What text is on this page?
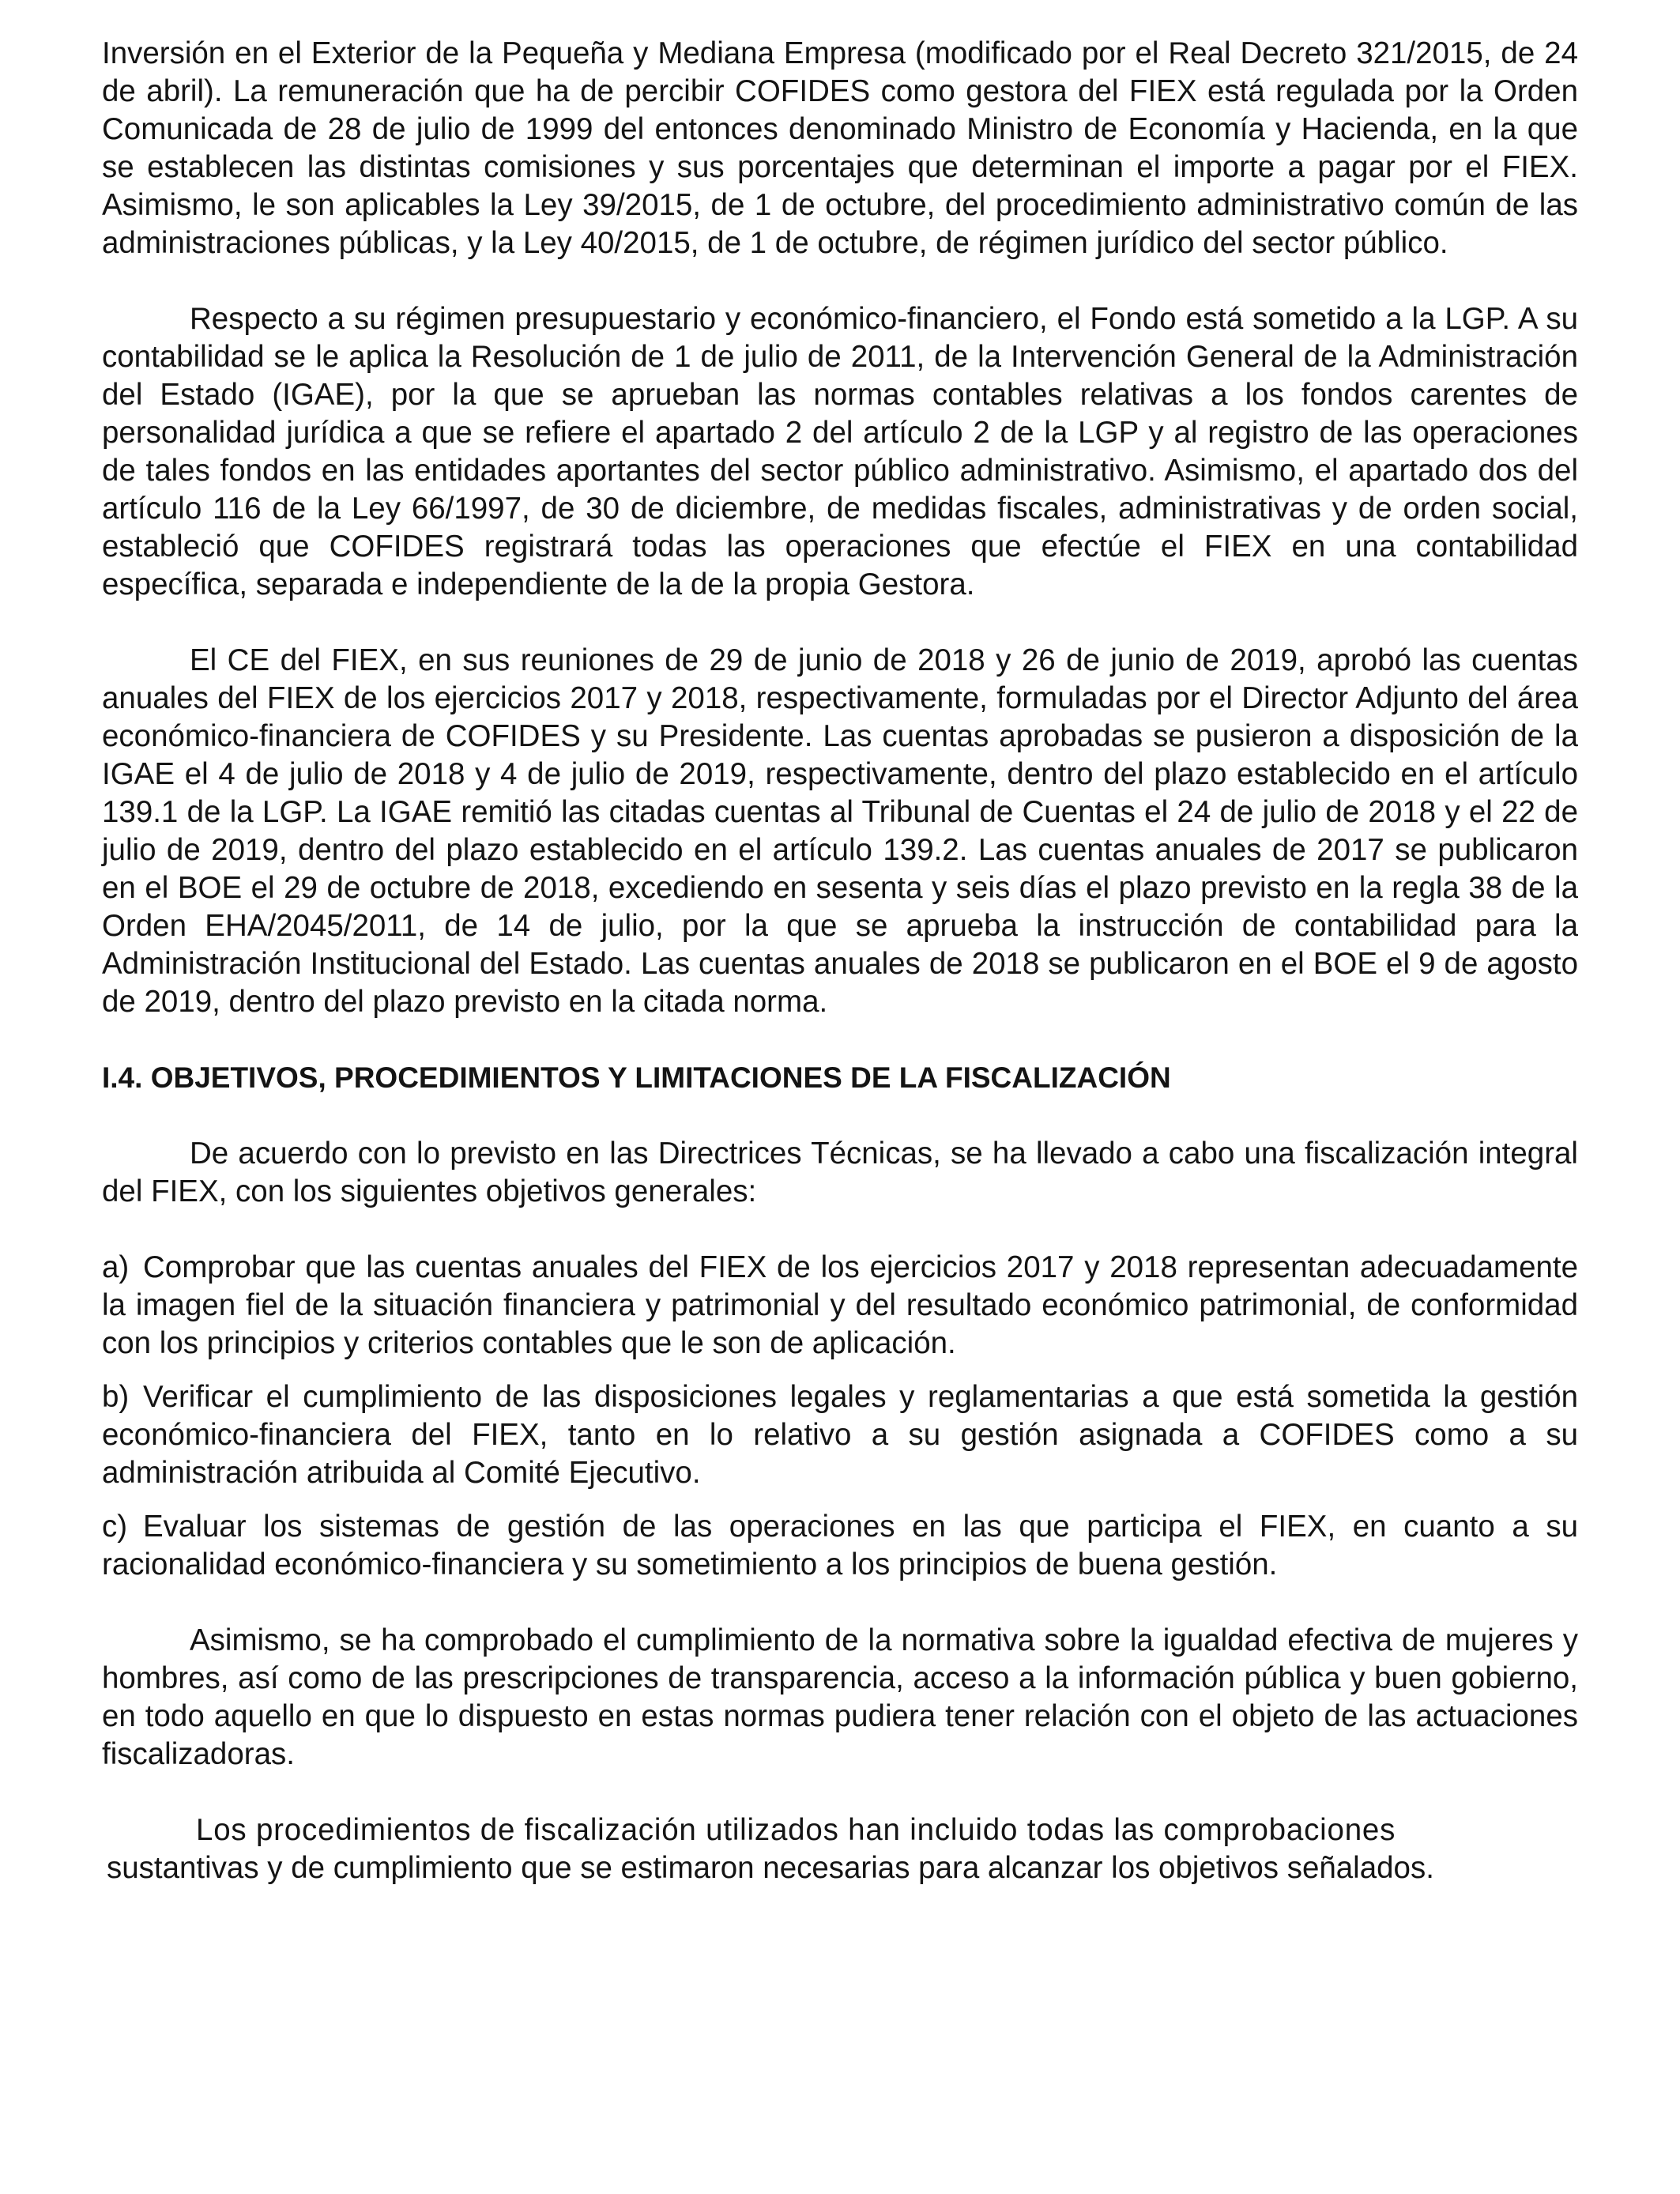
Inversión en el Exterior de la Pequeña y Mediana Empresa (modificado por el Real Decreto 321/2015, de 24 de abril). La remuneración que ha de percibir COFIDES como gestora del FIEX está regulada por la Orden Comunicada de 28 de julio de 1999 del entonces denominado Ministro de Economía y Hacienda, en la que se establecen las distintas comisiones y sus porcentajes que determinan el importe a pagar por el FIEX. Asimismo, le son aplicables la Ley 39/2015, de 1 de octubre, del procedimiento administrativo común de las administraciones públicas, y la Ley 40/2015, de 1 de octubre, de régimen jurídico del sector público.

Respecto a su régimen presupuestario y económico-financiero, el Fondo está sometido a la LGP. A su contabilidad se le aplica la Resolución de 1 de julio de 2011, de la Intervención General de la Administración del Estado (IGAE), por la que se aprueban las normas contables relativas a los fondos carentes de personalidad jurídica a que se refiere el apartado 2 del artículo 2 de la LGP y al registro de las operaciones de tales fondos en las entidades aportantes del sector público administrativo. Asimismo, el apartado dos del artículo 116 de la Ley 66/1997, de 30 de diciembre, de medidas fiscales, administrativas y de orden social, estableció que COFIDES registrará todas las operaciones que efectúe el FIEX en una contabilidad específica, separada e independiente de la de la propia Gestora.

El CE del FIEX, en sus reuniones de 29 de junio de 2018 y 26 de junio de 2019, aprobó las cuentas anuales del FIEX de los ejercicios 2017 y 2018, respectivamente, formuladas por el Director Adjunto del área económico-financiera de COFIDES y su Presidente. Las cuentas aprobadas se pusieron a disposición de la IGAE el 4 de julio de 2018 y 4 de julio de 2019, respectivamente, dentro del plazo establecido en el artículo 139.1 de la LGP. La IGAE remitió las citadas cuentas al Tribunal de Cuentas el 24 de julio de 2018 y el 22 de julio de 2019, dentro del plazo establecido en el artículo 139.2. Las cuentas anuales de 2017 se publicaron en el BOE el 29 de octubre de 2018, excediendo en sesenta y seis días el plazo previsto en la regla 38 de la Orden EHA/2045/2011, de 14 de julio, por la que se aprueba la instrucción de contabilidad para la Administración Institucional del Estado. Las cuentas anuales de 2018 se publicaron en el BOE el 9 de agosto de 2019, dentro del plazo previsto en la citada norma.

I.4. OBJETIVOS, PROCEDIMIENTOS Y LIMITACIONES DE LA FISCALIZACIÓN

De acuerdo con lo previsto en las Directrices Técnicas, se ha llevado a cabo una fiscalización integral del FIEX, con los siguientes objetivos generales:

a) Comprobar que las cuentas anuales del FIEX de los ejercicios 2017 y 2018 representan adecuadamente la imagen fiel de la situación financiera y patrimonial y del resultado económico patrimonial, de conformidad con los principios y criterios contables que le son de aplicación.

b) Verificar el cumplimiento de las disposiciones legales y reglamentarias a que está sometida la gestión económico-financiera del FIEX, tanto en lo relativo a su gestión asignada a COFIDES como a su administración atribuida al Comité Ejecutivo.

c) Evaluar los sistemas de gestión de las operaciones en las que participa el FIEX, en cuanto a su racionalidad económico-financiera y su sometimiento a los principios de buena gestión.

Asimismo, se ha comprobado el cumplimiento de la normativa sobre la igualdad efectiva de mujeres y hombres, así como de las prescripciones de transparencia, acceso a la información pública y buen gobierno, en todo aquello en que lo dispuesto en estas normas pudiera tener relación con el objeto de las actuaciones fiscalizadoras.

Los procedimientos de fiscalización utilizados han incluido todas las comprobaciones
sustantivas y de cumplimiento que se estimaron necesarias para alcanzar los objetivos señalados.
